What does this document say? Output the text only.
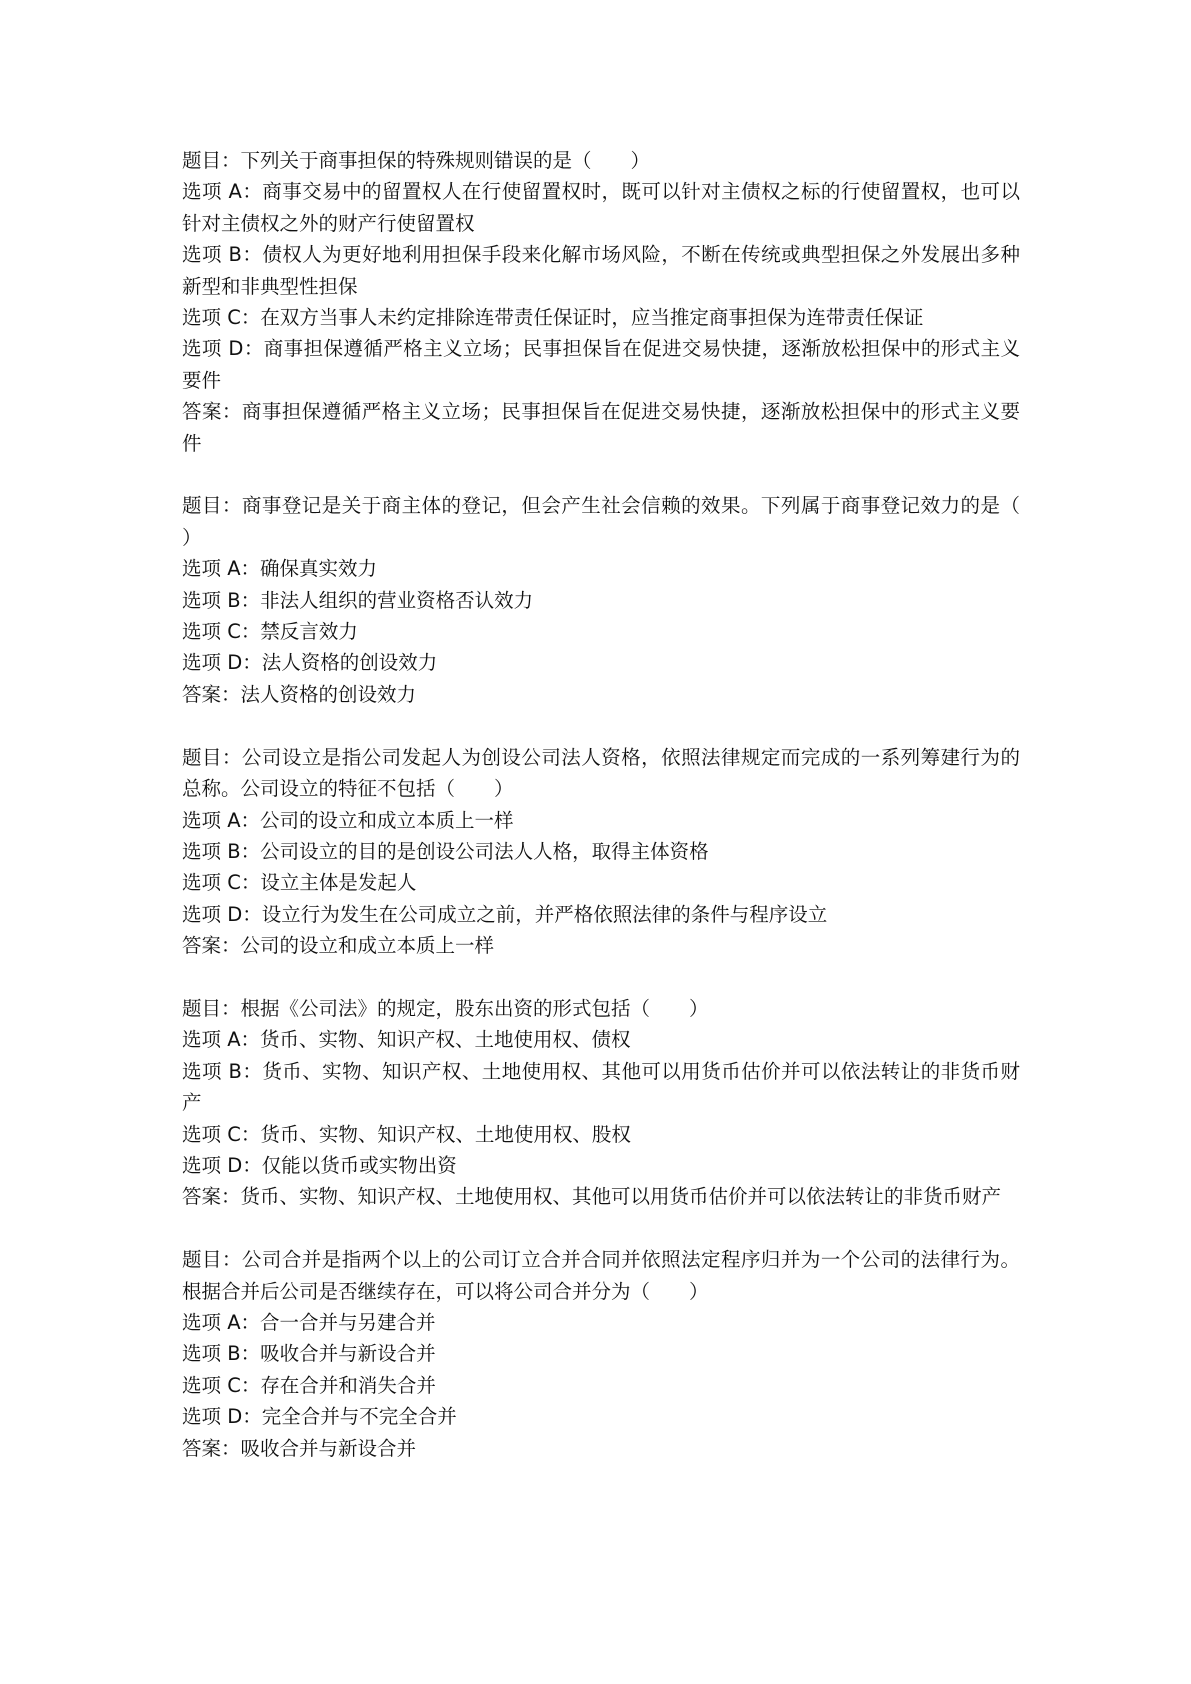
题目：下列关于商事担保的特殊规则错误的是（　　）
选项 A：商事交易中的留置权人在行使留置权时，既可以针对主债权之标的行使留置权，也可以针对主债权之外的财产行使留置权
选项 B：债权人为更好地利用担保手段来化解市场风险，不断在传统或典型担保之外发展出多种新型和非典型性担保
选项 C：在双方当事人未约定排除连带责任保证时，应当推定商事担保为连带责任保证
选项 D：商事担保遵循严格主义立场；民事担保旨在促进交易快捷，逐渐放松担保中的形式主义要件
答案：商事担保遵循严格主义立场；民事担保旨在促进交易快捷，逐渐放松担保中的形式主义要件
题目：商事登记是关于商主体的登记，但会产生社会信赖的效果。下列属于商事登记效力的是（　　）
选项 A：确保真实效力
选项 B：非法人组织的营业资格否认效力
选项 C：禁反言效力
选项 D：法人资格的创设效力
答案：法人资格的创设效力
题目：公司设立是指公司发起人为创设公司法人资格，依照法律规定而完成的一系列筹建行为的总称。公司设立的特征不包括（　　）
选项 A：公司的设立和成立本质上一样
选项 B：公司设立的目的是创设公司法人人格，取得主体资格
选项 C：设立主体是发起人
选项 D：设立行为发生在公司成立之前，并严格依照法律的条件与程序设立
答案：公司的设立和成立本质上一样
题目：根据《公司法》的规定，股东出资的形式包括（　　）
选项 A：货币、实物、知识产权、土地使用权、债权
选项 B：货币、实物、知识产权、土地使用权、其他可以用货币估价并可以依法转让的非货币财产
选项 C：货币、实物、知识产权、土地使用权、股权
选项 D：仅能以货币或实物出资
答案：货币、实物、知识产权、土地使用权、其他可以用货币估价并可以依法转让的非货币财产
题目：公司合并是指两个以上的公司订立合并合同并依照法定程序归并为一个公司的法律行为。根据合并后公司是否继续存在，可以将公司合并分为（　　）
选项 A：合一合并与另建合并
选项 B：吸收合并与新设合并
选项 C：存在合并和消失合并
选项 D：完全合并与不完全合并
答案：吸收合并与新设合并
